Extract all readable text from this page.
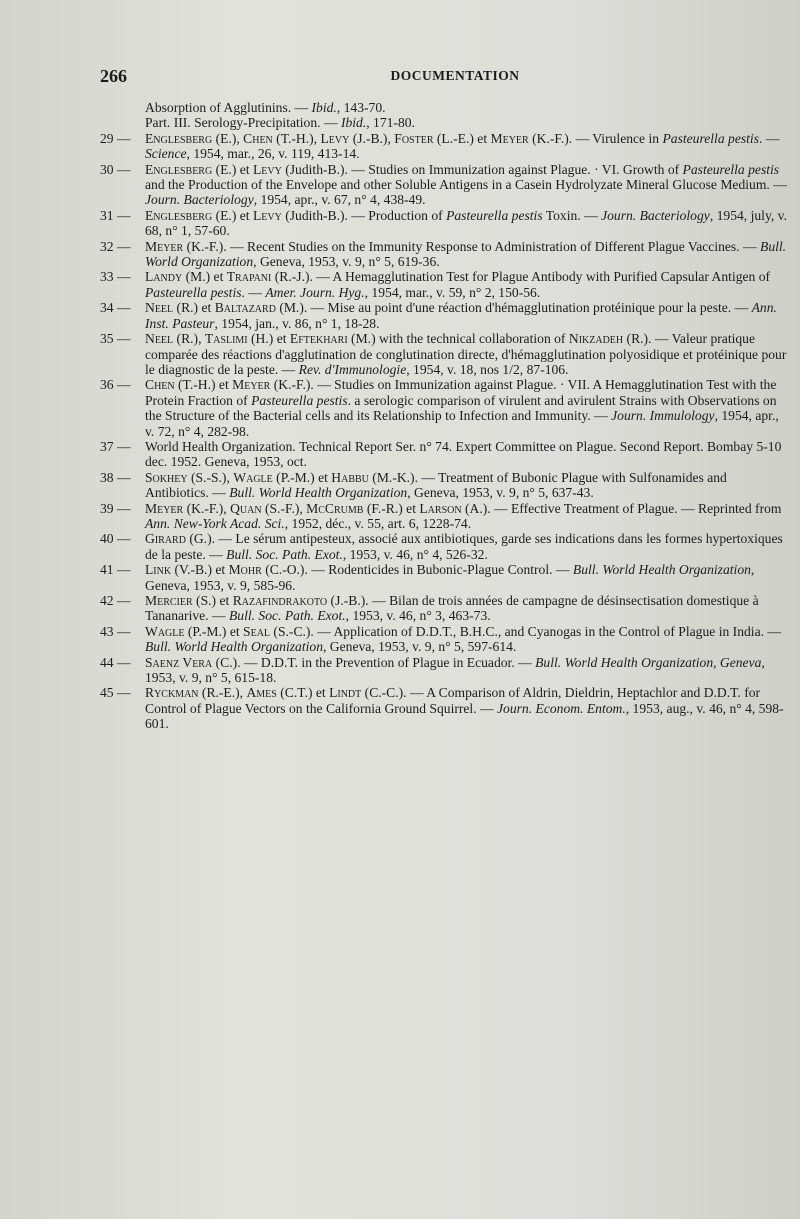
266	DOCUMENTATION

Absorption of Agglutinins. — Ibid., 143-70.

Part. III. Serology-Precipitation. — Ibid., 171-80.

29 —	Englesberg (E.), Chen (T.-H.), Levy (J.-B.), Foster (L.-E.) et Meyer (K.-F.). — Virulence in Pasteurella pestis. — Science, 1954, mar., 26, v. 119, 413-14.

30 —	Englesberg (E.) et Levy (Judith-B.). — Studies on Immunization against Plague. · VI. Growth of Pasteurella pestis and the Production of the Envelope and other Soluble Antigens in a Casein Hydrolyzate Mineral Glucose Medium. — Journ. Bacteriology, 1954, apr., v. 67, n° 4, 438-49.

31 —	Englesberg (E.) et Levy (Judith-B.). — Production of Pasteurella pestis Toxin. — Journ. Bacteriology, 1954, july, v. 68, n° 1, 57-60.

32 —	Meyer (K.-F.). — Recent Studies on the Immunity Response to Administration of Different Plague Vaccines. — Bull. World Organization, Geneva, 1953, v. 9, n° 5, 619-36.

33 —	Landy (M.) et Trapani (R.-J.). — A Hemagglutination Test for Plague Antibody with Purified Capsular Antigen of Pasteurella pestis. — Amer. Journ. Hyg., 1954, mar., v. 59, n° 2, 150-56.

34 —	Neel (R.) et Baltazard (M.). — Mise au point d'une réaction d'hémagglutination protéinique pour la peste. — Ann. Inst. Pasteur, 1954, jan., v. 86, n° 1, 18-28.

35 —	Neel (R.), Taslimi (H.) et Eftekhari (M.) with the technical collaboration of Nikzadeh (R.). — Valeur pratique comparée des réactions d'agglutination de conglutination directe, d'hémagglutination polyosidique et protéinique pour le diagnostic de la peste. — Rev. d'Immunologie, 1954, v. 18, nos 1/2, 87-106.

36 —	Chen (T.-H.) et Meyer (K.-F.). — Studies on Immunization against Plague. · VII. A Hemagglutination Test with the Protein Fraction of Pasteurella pestis. a serologic comparison of virulent and avirulent Strains with Observations on the Structure of the Bacterial cells and its Relationship to Infection and Immunity. — Journ. Immulology, 1954, apr., v. 72, n° 4, 282-98.

37 —	World Health Organization. Technical Report Ser. n° 74. Expert Committee on Plague. Second Report. Bombay 5-10 dec. 1952. Geneva, 1953, oct.

38 —	Sokhey (S.-S.), Wagle (P.-M.) et Habbu (M.-K.). — Treatment of Bubonic Plague with Sulfonamides and Antibiotics. — Bull. World Health Organization, Geneva, 1953, v. 9, n° 5, 637-43.

39 —	Meyer (K.-F.), Quan (S.-F.), McCrumb (F.-R.) et Larson (A.). — Effective Treatment of Plague. — Reprinted from Ann. New-York Acad. Sci., 1952, déc., v. 55, art. 6, 1228-74.

40 —	Girard (G.). — Le sérum antipesteux, associé aux antibiotiques, garde ses indications dans les formes hypertoxiques de la peste. — Bull. Soc. Path. Exot., 1953, v. 46, n° 4, 526-32.

41 —	Link (V.-B.) et Mohr (C.-O.). — Rodenticides in Bubonic-Plague Control. — Bull. World Health Organization, Geneva, 1953, v. 9, 585-96.

42 —	Mercier (S.) et Razafindrakoto (J.-B.). — Bilan de trois années de campagne de désinsectisation domestique à Tananarive. — Bull. Soc. Path. Exot., 1953, v. 46, n° 3, 463-73.

43 —	Wagle (P.-M.) et Seal (S.-C.). — Application of D.D.T., B.H.C., and Cyanogas in the Control of Plague in India. — Bull. World Health Organization, Geneva, 1953, v. 9, n° 5, 597-614.

44 —	Saenz Vera (C.). — D.D.T. in the Prevention of Plague in Ecuador. — Bull. World Health Organization, Geneva, 1953, v. 9, n° 5, 615-18.

45 —	Ryckman (R.-E.), Ames (C.T.) et Lindt (C.-C.). — A Comparison of Aldrin, Dieldrin, Heptachlor and D.D.T. for Control of Plague Vectors on the California Ground Squirrel. — Journ. Econom. Entom., 1953, aug., v. 46, n° 4, 598-601.
